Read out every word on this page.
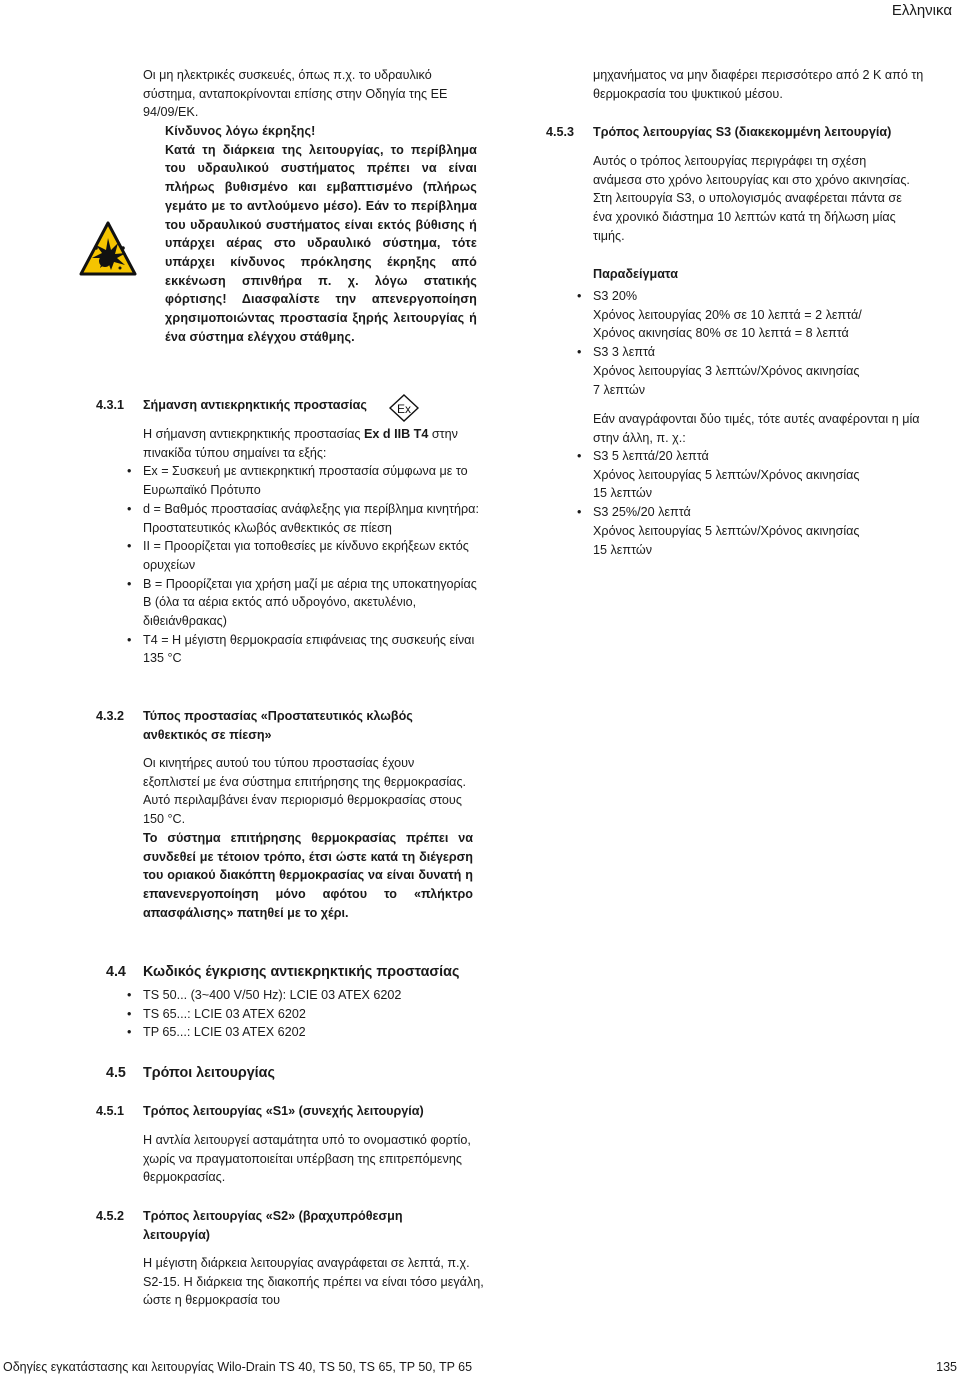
Ελληνικα

Οι μη ηλεκτρικές συσκευές, όπως π.χ. το υδραυλικό σύστημα, ανταποκρίνονται επίσης στην Οδηγία της ΕΕ 94/09/ΕΚ.

Κίνδυνος λόγω έκρηξης!

Κατά τη διάρκεια της λειτουργίας, το περίβλημα του υδραυλικού συστήματος πρέπει να είναι πλήρως βυθισμένο και εμβαπτισμένο (πλήρως γεμάτο με το αντλούμενο μέσο). Εάν το περίβλημα του υδραυλικού συστήματος είναι εκτός βύθισης ή υπάρχει αέρας στο υδραυλικό σύστημα, τότε υπάρχει κίνδυνος πρόκλησης έκρηξης από εκκένωση σπινθήρα π. χ. λόγω στατικής φόρτισης! Διασφαλίστε την απενεργοποίηση χρησιμοποιώντας προστασία ξηρής λειτουργίας ή ένα σύστημα ελέγχου στάθμης.

4.3.1 Σήμανση αντιεκρηκτικής προστασίας	Ex

Η σήμανση αντιεκρηκτικής προστασίας Ex d IIB T4 στην πινακίδα τύπου σημαίνει τα εξής:

• Ex = Συσκευή με αντιεκρηκτική προστασία σύμφωνα με το Ευρωπαϊκό Πρότυπο
• d = Βαθμός προστασίας ανάφλεξης για περίβλημα κινητήρα: Προστατευτικός κλωβός ανθεκτικός σε πίεση
• II = Προορίζεται για τοποθεσίες με κίνδυνο εκρήξεων εκτός ορυχείων
• B = Προορίζεται για χρήση μαζί με αέρια της υποκατηγορίας B (όλα τα αέρια εκτός από υδρογόνο, ακετυλένιο, διθειάνθρακας)
• T4 = Η μέγιστη θερμοκρασία επιφάνειας της συσκευής είναι 135 °C
4.3.2 Τύπος προστασίας «Προστατευτικός κλωβός ανθεκτικός σε πίεση»

Οι κινητήρες αυτού του τύπου προστασίας έχουν εξοπλιστεί με ένα σύστημα επιτήρησης της θερμοκρασίας. Αυτό περιλαμβάνει έναν περιορισμό θερμοκρασίας στους 150 °C.

Το σύστημα επιτήρησης θερμοκρασίας πρέπει να συνδεθεί με τέτοιον τρόπο, έτσι ώστε κατά τη διέγερση του οριακού διακόπτη θερμοκρασίας να είναι δυνατή η επανενεργοποίηση μόνο αφότου το «πλήκτρο απασφάλισης» πατηθεί με το χέρι.

4.4 Κωδικός έγκρισης αντιεκρηκτικής προστασίας
• TS 50... (3~400 V/50 Hz): LCIE 03 ATEX 6202
• TS 65...: LCIE 03 ATEX 6202
• TP 65...: LCIE 03 ATEX 6202
4.5 Τρόποι λειτουργίας
4.5.1 Τρόπος λειτουργίας «S1» (συνεχής λειτουργία)

Η αντλία λειτουργεί ασταμάτητα υπό το ονομαστικό φορτίο, χωρίς να πραγματοποιείται υπέρβαση της επιτρεπόμενης θερμοκρασίας.

4.5.2 Τρόπος λειτουργίας «S2» (βραχυπρόθεσμη λειτουργία)

Η μέγιστη διάρκεια λειτουργίας αναγράφεται σε λεπτά, π.χ. S2-15. Η διάρκεια της διακοπής πρέπει να είναι τόσο μεγάλη, ώστε η θερμοκρασία του

μηχανήματος να μην διαφέρει περισσότερο από 2 K από τη θερμοκρασία του ψυκτικού μέσου.

4.5.3 Τρόπος λειτουργίας S3 (διακεκομμένη λειτουργία)

Αυτός ο τρόπος λειτουργίας περιγράφει τη σχέση ανάμεσα στο χρόνο λειτουργίας και στο χρόνο ακινησίας. Στη λειτουργία S3, ο υπολογισμός αναφέρεται πάντα σε ένα χρονικό διάστημα 10 λεπτών κατά τη δήλωση μίας τιμής.

Παραδείγματα
• S3 20%
Χρόνος λειτουργίας 20% σε 10 λεπτά = 2 λεπτά/
Χρόνος ακινησίας 80% σε 10 λεπτά = 8 λεπτά
• S3 3 λεπτά
Χρόνος λειτουργίας 3 λεπτών/Χρόνος ακινησίας
7 λεπτών

Εάν αναγράφονται δύο τιμές, τότε αυτές αναφέρονται η μία στην άλλη, π. χ.:

• S3 5 λεπτά/20 λεπτά
Χρόνος λειτουργίας 5 λεπτών/Χρόνος ακινησίας
15 λεπτών
• S3 25%/20 λεπτά
Χρόνος λειτουργίας 5 λεπτών/Χρόνος ακινησίας
15 λεπτών
Οδηγίες εγκατάστασης και λειτουργίας Wilo-Drain TS 40, TS 50, TS 65, TP 50, TP 65	135
